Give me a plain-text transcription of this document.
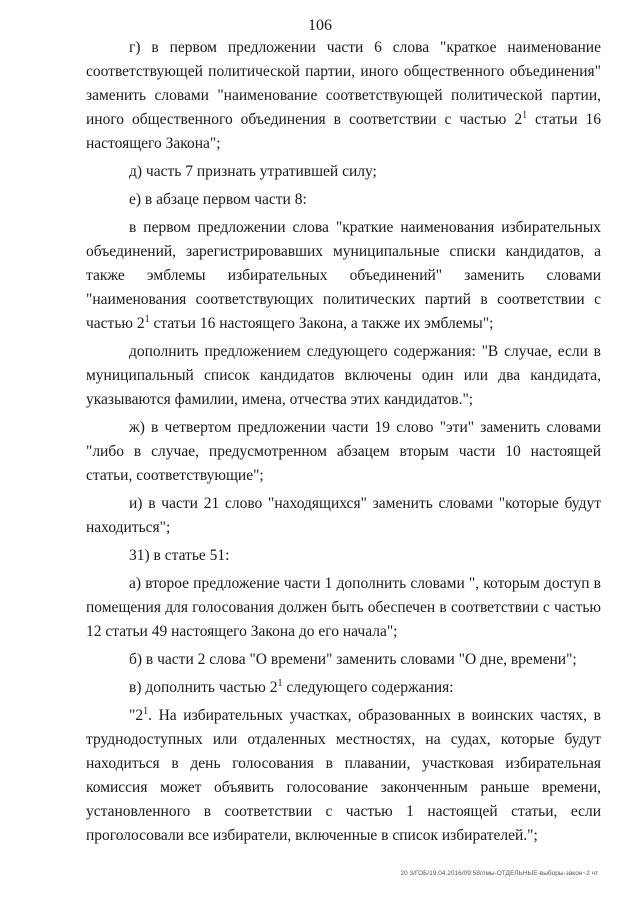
106

г) в первом предложении части 6 слова "краткое наименование соответствующей политической партии, иного общественного объединения" заменить словами "наименование соответствующей политической партии, иного общественного объединения в соответствии с частью $2^1$ статьи 16 настоящего Закона";

д) часть 7 признать утратившей силу;

е) в абзаце первом части 8:

в первом предложении слова "краткие наименования избирательных объединений, зарегистрировавших муниципальные списки кандидатов, а также эмблемы избирательных объединений" заменить словами "наименования соответствующих политических партий в соответствии с частью $2^1$ статьи 16 настоящего Закона, а также их эмблемы";

дополнить предложением следующего содержания: "В случае, если в муниципальный список кандидатов включены один или два кандидата, указываются фамилии, имена, отчества этих кандидатов.";

ж) в четвертом предложении части 19 слово "эти" заменить словами "либо в случае, предусмотренном абзацем вторым части 10 настоящей статьи, соответствующие";

и) в части 21 слово "находящихся" заменить словами "которые будут находиться";

31) в статье 51:

а) второе предложение части 1 дополнить словами ", которым доступ в помещения для голосования должен быть обеспечен в соответствии с частью 12 статьи 49 настоящего Закона до его начала";

б) в части 2 слова "О времени" заменить словами "О дне, времени";

в) дополнить частью $2^1$ следующего содержания:

"$2^1$. На избирательных участках, образованных в воинских частях, в труднодоступных или отдаленных местностях, на судах, которые будут находиться в день голосования в плавании, участковая избирательная комиссия может объявить голосование законченным раньше времени, установленного в соответствии с частью 1 настоящей статьи, если проголосовали все избиратели, включенные в список избирателей.";

20 3/ГОБ/19.04.2016/09:58/лмы-ОТДЕЛЬНЫЕ-выборы-закон~2 чт
